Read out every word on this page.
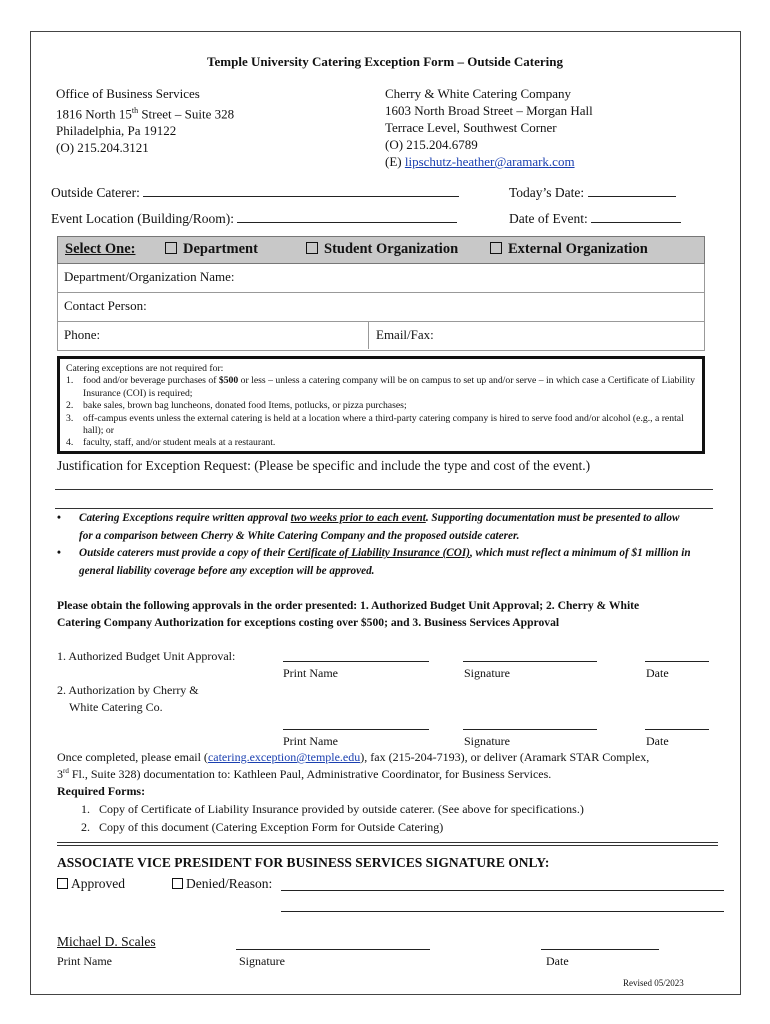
Temple University Catering Exception Form – Outside Catering
Office of Business Services
1816 North 15th Street – Suite 328
Philadelphia, Pa 19122
(O) 215.204.3121
Cherry & White Catering Company
1603 North Broad Street – Morgan Hall
Terrace Level, Southwest Corner
(O) 215.204.6789
(E) lipschutz-heather@aramark.com
Outside Caterer:	Today’s Date:
Event Location (Building/Room):	Date of Event:
Select One:	Department	Student Organization	External Organization
Department/Organization Name:
Contact Person:
Phone:	Email/Fax:
Catering exceptions are not required for:
1. food and/or beverage purchases of $500 or less – unless a catering company will be on campus to set up and/or serve – in which case a Certificate of Liability Insurance (COI) is required;
2. bake sales, brown bag luncheons, donated food Items, potlucks, or pizza purchases;
3. off-campus events unless the external catering is held at a location where a third-party catering company is hired to serve food and/or alcohol (e.g., a rental hall); or
4. faculty, staff, and/or student meals at a restaurant.
Justification for Exception Request: (Please be specific and include the type and cost of the event.)
• Catering Exceptions require written approval two weeks prior to each event. Supporting documentation must be presented to allow for a comparison between Cherry & White Catering Company and the proposed outside caterer.
• Outside caterers must provide a copy of their Certificate of Liability Insurance (COI), which must reflect a minimum of $1 million in general liability coverage before any exception will be approved.
Please obtain the following approvals in the order presented: 1. Authorized Budget Unit Approval; 2. Cherry & White Catering Company Authorization for exceptions costing over $500; and 3. Business Services Approval
1. Authorized Budget Unit Approval:
Print Name	Signature	Date
2. Authorization by Cherry &
White Catering Co.
Print Name	Signature	Date
Once completed, please email (catering.exception@temple.edu), fax (215-204-7193), or deliver (Aramark STAR Complex,
3rd Fl., Suite 328) documentation to: Kathleen Paul, Administrative Coordinator, for Business Services.
Required Forms:
1. Copy of Certificate of Liability Insurance provided by outside caterer. (See above for specifications.)
2. Copy of this document (Catering Exception Form for Outside Catering)
ASSOCIATE VICE PRESIDENT FOR BUSINESS SERVICES SIGNATURE ONLY:
Approved	Denied/Reason:
Michael D. Scales
Print Name	Signature	Date
Revised 05/2023
